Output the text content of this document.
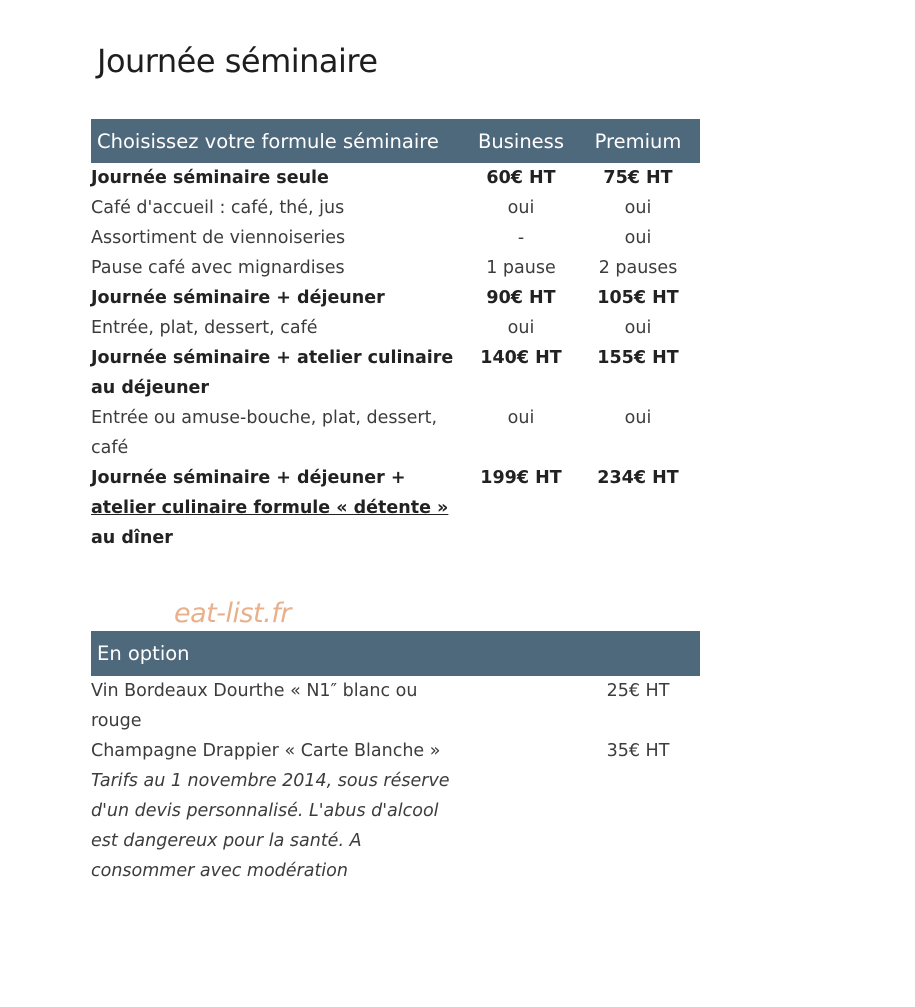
Journée séminaire
Choisissez votre formule séminaire	Business	Premium
Journée séminaire seule	60€ HT	75€ HT
Café d'accueil : café, thé, jus	oui	oui
Assortiment de viennoiseries	-	oui
Pause café avec mignardises	1 pause	2 pauses
Journée séminaire + déjeuner	90€ HT	105€ HT
Entrée, plat, dessert, café	oui	oui
Journée séminaire + atelier culinaire au déjeuner	140€ HT	155€ HT
Entrée ou amuse-bouche, plat, dessert, café	oui	oui
Journée séminaire + déjeuner + atelier culinaire formule « détente » au dîner	199€ HT	234€ HT
eat-list.fr
En option		
Vin Bordeaux Dourthe « N1″ blanc ou rouge		25€ HT
Champagne Drappier « Carte Blanche »		35€ HT
Tarifs au 1 novembre 2014, sous réserve d'un devis personnalisé. L'abus d'alcool est dangereux pour la santé. A consommer avec modération		
